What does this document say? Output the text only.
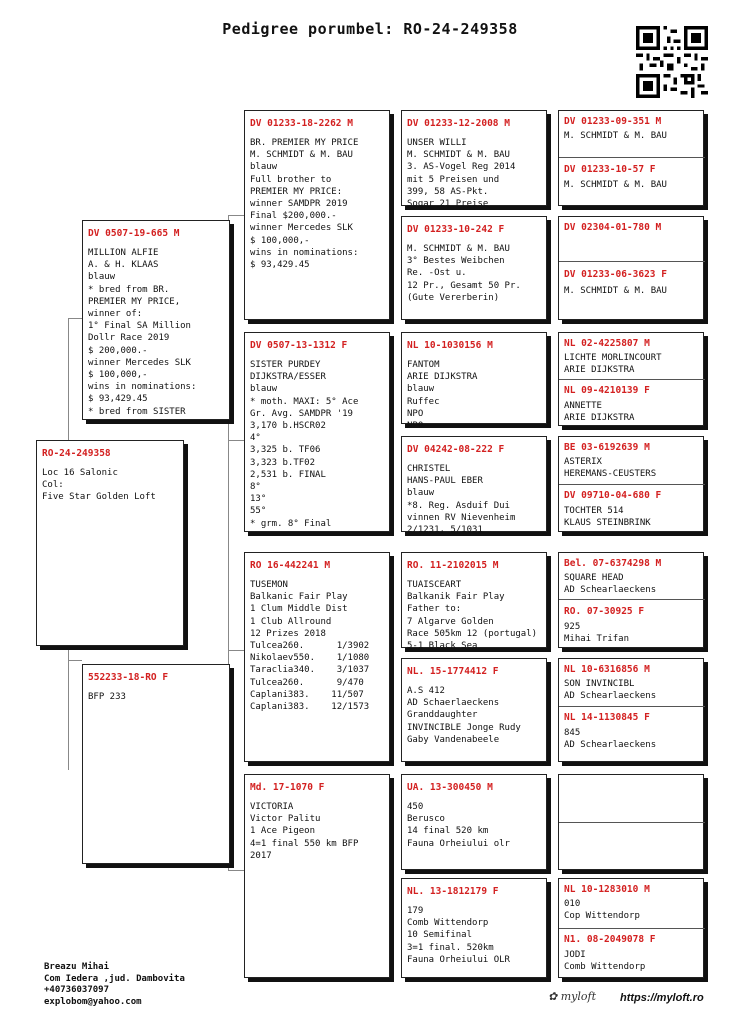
Pedigree porumbel: RO-24-249358
RO-24-249358
Loc 16 Salonic
Col:
Five Star Golden Loft
DV 0507-19-665 M
MILLION ALFIE
A. & H. KLAAS
blauw
* bred from BR.
PREMIER MY PRICE,
winner of:
1° Final SA Million
Dollr Race 2019
$ 200,000.-
winner Mercedes SLK
$ 100,000,-
wins in nominations:
$ 93,429.45
* bred from SISTER
552233-18-RO F
BFP 233
DV 01233-18-2262 M
BR. PREMIER MY PRICE
M. SCHMIDT & M. BAU
blauw
Full brother to
PREMIER MY PRICE:
winner SAMDPR 2019
Final $200,000.-
winner Mercedes SLK
$ 100,000,-
wins in nominations:
$ 93,429.45
DV 0507-13-1312 F
SISTER PURDEY
DIJKSTRA/ESSER
blauw
* moth. MAXI: 5° Ace
Gr. Avg. SAMDPR '19
3,170 b.HSCR02
4°
3,325 b. TF06
3,323 b.TF02
2,531 b. FINAL
8°
13°
55°
* grm. 8° Final
RO 16-442241 M
TUSEMON
Balkanic Fair Play
1 Clum Middle Dist
1 Club Allround
12 Prizes 2018
Tulcea260.      1/3902
Nikolaev550.    1/1080
Taraclia340.    3/1037
Tulcea260.      9/470
Caplani383.    11/507
Caplani383.    12/1573
Md. 17-1070 F
VICTORIA
Victor Palitu
1 Ace Pigeon
4=1 final 550 km BFP
2017
DV 01233-12-2008 M
UNSER WILLI
M. SCHMIDT & M. BAU
3. AS-Vogel Reg 2014
mit 5 Preisen und
399, 58 AS-Pkt.
Sogar 21 Preise
DV 01233-10-242 F
M. SCHMIDT & M. BAU
3° Bestes Weibchen
Re. -Ost u.
12 Pr., Gesamt 50 Pr.
(Gute Vererberin)
NL 10-1030156 M
FANTOM
ARIE DIJKSTRA
blauw
Ruffec
NPO
NPO
DV 04242-08-222 F
CHRISTEL
HANS-PAUL EBER
blauw
*8. Reg. Asduif Dui
vinnen RV Nievenheim
2/1231, 5/1031
RO. 11-2102015 M
TUAISCEART
Balkanik Fair Play
Father to:
7 Algarve Golden
Race 505km 12 (portugal)
5-1 Black Sea
NL. 15-1774412 F
A.S 412
AD Schaerlaeckens
Granddaughter
INVINCIBLE Jonge Rudy
Gaby Vandenabeele
UA. 13-300450 M
450
Berusco
14 final 520 km
Fauna Orheiului olr
NL. 13-1812179 F
179
Comb Wittendorp
10 Semifinal
3=1 final. 520km
Fauna Orheiului OLR
DV 01233-09-351 M
M. SCHMIDT & M. BAU
DV 01233-10-57 F
M. SCHMIDT & M. BAU
DV 02304-01-780 M
DV 01233-06-3623 F
M. SCHMIDT & M. BAU
NL 02-4225807 M
LICHTE MORLINCOURT
ARIE DIJKSTRA
NL 09-4210139 F
ANNETTE
ARIE DIJKSTRA
BE 03-6192639 M
ASTERIX
HEREMANS-CEUSTERS
DV 09710-04-680 F
TOCHTER 514
KLAUS STEINBRINK
Bel. 07-6374298 M
SQUARE HEAD
AD Schearlaeckens
RO. 07-30925 F
925
Mihai Trifan
NL 10-6316856 M
SON INVINCIBL
AD Schearlaeckens
NL 14-1130845 F
845
AD Schearlaeckens
NL 10-1283010 M
010
Cop Wittendorp
N1. 08-2049078 F
JODI
Comb Wittendorp
Breazu Mihai
Com Iedera ,jud. Dambovita
+40736037097
explobom@yahoo.com	✿ myloft https://myloft.ro
